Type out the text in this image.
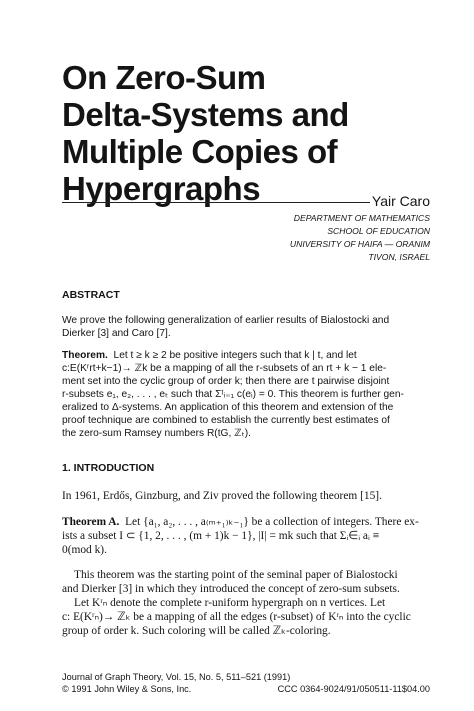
On Zero-Sum
Delta-Systems and
Multiple Copies of
Hypergraphs	Yair Caro
DEPARTMENT OF MATHEMATICS
SCHOOL OF EDUCATION
UNIVERSITY OF HAIFA — ORANIM
TIVON, ISRAEL
ABSTRACT
We prove the following generalization of earlier results of Bialostocki and
Dierker [3] and Caro [7].
Theorem. Let t ≥ k ≥ 2 be positive integers such that k | t, and let
c:E(Kʳrt+k−1)→ ℤk be a mapping of all the r-subsets of an rt + k − 1 ele-
ment set into the cyclic group of order k; then there are t pairwise disjoint
r-subsets e₁, e₂, . . . , eₜ such that Σᵗᵢ₌₁ c(eᵢ) = 0. This theorem is further gen-
eralized to Δ-systems. An application of this theorem and extension of the
proof technique are combined to establish the currently best estimates of
the zero-sum Ramsey numbers R(tG, ℤₜ).
1. INTRODUCTION
In 1961, Erdős, Ginzburg, and Ziv proved the following theorem [15].
Theorem A. Let {a₁, a₂, . . . , a₍ₘ₊₁₎ₖ₋₁} be a collection of integers. There ex-
ists a subset I ⊂ {1, 2, . . . , (m + 1)k − 1}, |I| = mk such that Σᵢ∈ᵢ aᵢ ≡
0(mod k).
This theorem was the starting point of the seminal paper of Bialostocki
and Dierker [3] in which they introduced the concept of zero-sum subsets.
Let Kʳₙ denote the complete r-uniform hypergraph on n vertices. Let
c: E(Kʳₙ)→ ℤₖ be a mapping of all the edges (r-subset) of Kʳₙ into the cyclic
group of order k. Such coloring will be called ℤₖ-coloring.
Journal of Graph Theory, Vol. 15, No. 5, 511–521 (1991)
© 1991 John Wiley & Sons, Inc.	CCC 0364-9024/91/050511-11$04.00
